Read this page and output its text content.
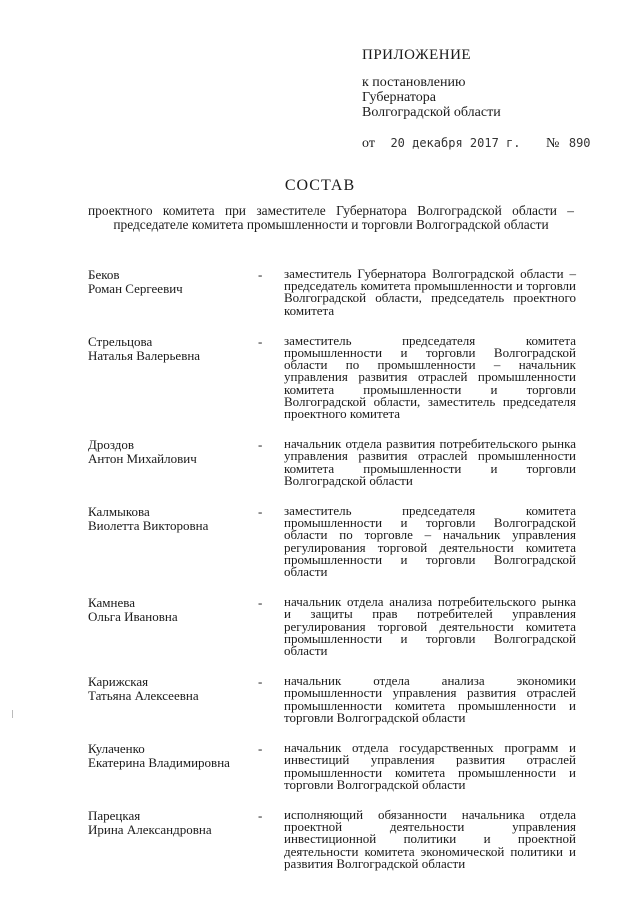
ПРИЛОЖЕНИЕ
к постановлению
Губернатора
Волгоградской области
от 20 декабря 2017 г. № 890
СОСТАВ
проектного комитета при заместителе Губернатора Волгоградской области – председателе комитета промышленности и торговли Волгоградской области
Беков
Роман Сергеевич
- заместитель Губернатора Волгоградской области – председатель комитета промышленности и торговли Волгоградской области, председатель проектного комитета
Стрельцова
Наталья Валерьевна
- заместитель председателя комитета промышленности и торговли Волгоградской области по промышленности – начальник управления развития отраслей промышленности комитета промышленности и торговли Волгоградской области, заместитель председателя проектного комитета
Дроздов
Антон Михайлович
- начальник отдела развития потребительского рынка управления развития отраслей промышленности комитета промышленности и торговли Волгоградской области
Калмыкова
Виолетта Викторовна
- заместитель председателя комитета промышленности и торговли Волгоградской области по торговле – начальник управления регулирования торговой деятельности комитета промышленности и торговли Волгоградской области
Камнева
Ольга Ивановна
- начальник отдела анализа потребительского рынка и защиты прав потребителей управления регулирования торговой деятельности комитета промышленности и торговли Волгоградской области
Карижская
Татьяна Алексеевна
- начальник отдела анализа экономики промышленности управления развития отраслей промышленности комитета промышленности и торговли Волгоградской области
Кулаченко
Екатерина Владимировна
- начальник отдела государственных программ и инвестиций управления развития отраслей промышленности комитета промышленности и торговли Волгоградской области
Парецкая
Ирина Александровна
- исполняющий обязанности начальника отдела проектной деятельности управления инвестиционной политики и проектной деятельности комитета экономической политики и развития Волгоградской области
